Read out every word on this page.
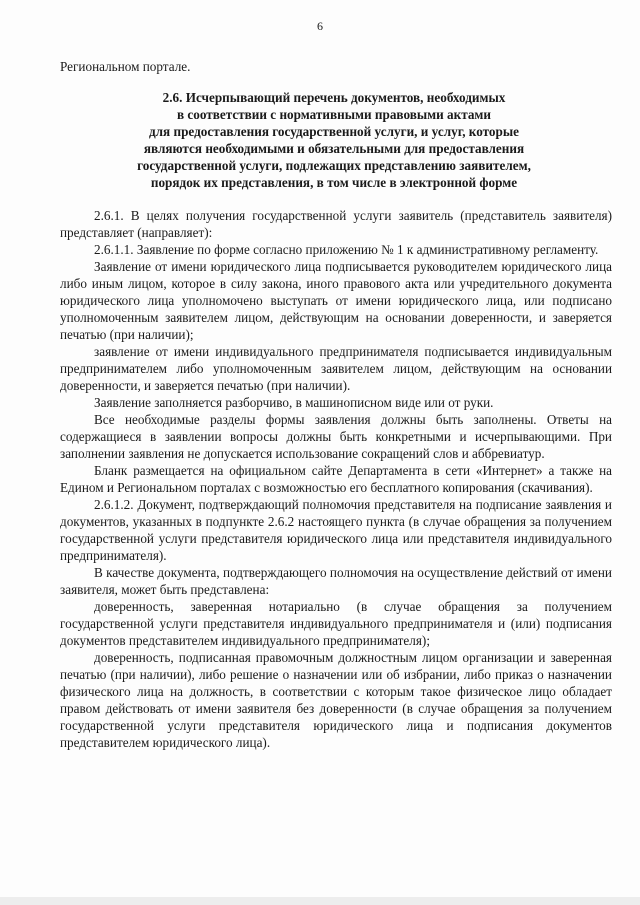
6

Региональном портале.

2.6. Исчерпывающий перечень документов, необходимых
в соответствии с нормативными правовыми актами
для предоставления государственной услуги, и услуг, которые
являются необходимыми и обязательными для предоставления
государственной услуги, подлежащих представлению заявителем,
порядок их представления, в том числе в электронной форме

2.6.1. В целях получения государственной услуги заявитель (представитель заявителя) представляет (направляет):

2.6.1.1. Заявление по форме согласно приложению № 1 к административному регламенту.

Заявление от имени юридического лица подписывается руководителем юридического лица либо иным лицом, которое в силу закона, иного правового акта или учредительного документа юридического лица уполномочено выступать от имени юридического лица, или подписано уполномоченным заявителем лицом, действующим на основании доверенности, и заверяется печатью (при наличии);

заявление от имени индивидуального предпринимателя подписывается индивидуальным предпринимателем либо уполномоченным заявителем лицом, действующим на основании доверенности, и заверяется печатью (при наличии).

Заявление заполняется разборчиво, в машинописном виде или от руки.

Все необходимые разделы формы заявления должны быть заполнены. Ответы на содержащиеся в заявлении вопросы должны быть конкретными и исчерпывающими. При заполнении заявления не допускается использование сокращений слов и аббревиатур.

Бланк размещается на официальном сайте Департамента в сети «Интернет» а также на Едином и Региональном порталах с возможностью его бесплатного копирования (скачивания).

2.6.1.2. Документ, подтверждающий полномочия представителя на подписание заявления и документов, указанных в подпункте 2.6.2 настоящего пункта (в случае обращения за получением государственной услуги представителя юридического лица или представителя индивидуального предпринимателя).

В качестве документа, подтверждающего полномочия на осуществление действий от имени заявителя, может быть представлена:

доверенность, заверенная нотариально (в случае обращения за получением государственной услуги представителя индивидуального предпринимателя и (или) подписания документов представителем индивидуального предпринимателя);

доверенность, подписанная правомочным должностным лицом организации и заверенная печатью (при наличии), либо решение о назначении или об избрании, либо приказ о назначении физического лица на должность, в соответствии с которым такое физическое лицо обладает правом действовать от имени заявителя без доверенности (в случае обращения за получением государственной услуги представителя юридического лица и подписания документов представителем юридического лица).
